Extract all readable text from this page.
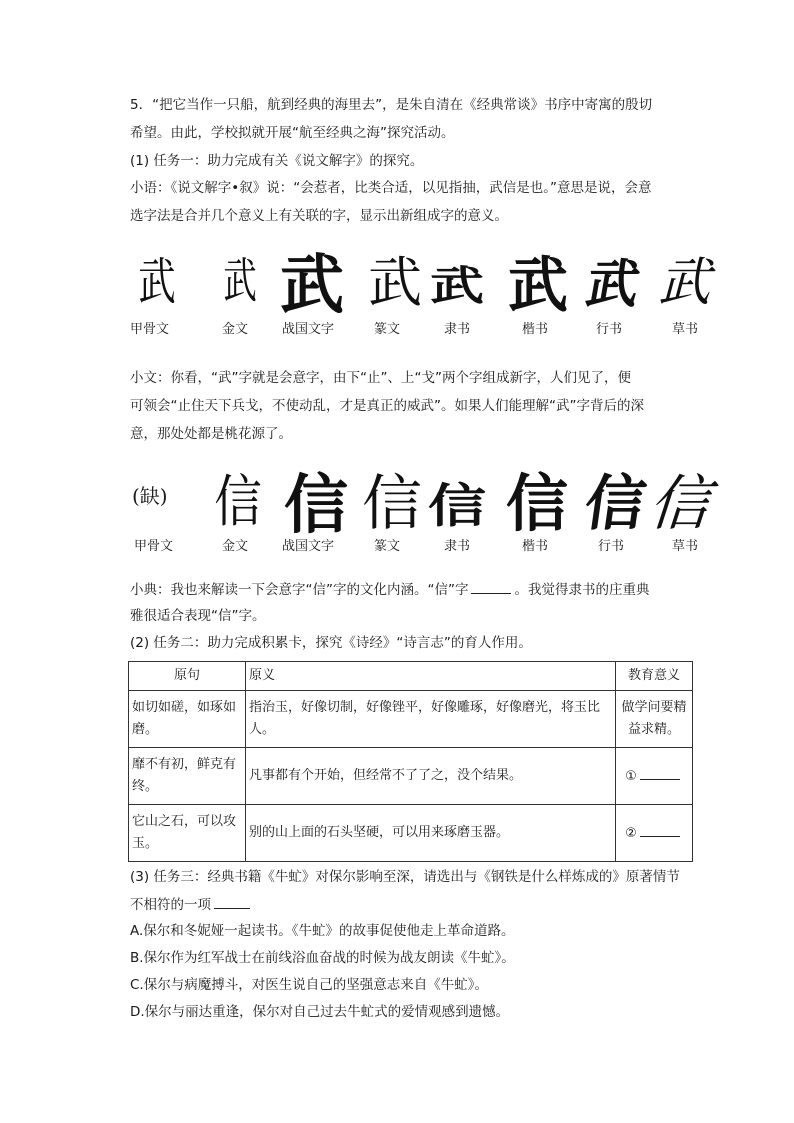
5．“把它当作一只船，航到经典的海里去”，是朱自清在《经典常谈》书序中寄寓的殷切
希望。由此，学校拟就开展“航至经典之海”探究活动。
(1) 任务一：助力完成有关《说文解字》的探究。
小语：《说文解字•叙》说：“会惹者，比类合适，以见指抽，武信是也。”意思是说，会意
选字法是合并几个意义上有关联的字，显示出新组成字的意义。
武 武 武 武 武 武 武 武
甲骨文	金文	战国文字	篆文	隶书	楷书	行书	草书
小文：你看，“武”字就是会意字，由下“止”、上“戈”两个字组成新字，人们见了，便
可领会“止住天下兵戈，不使动乱，才是真正的威武”。如果人们能理解“武”字背后的深
意，那处处都是桃花源了。
(缺) 信 信 信 信 信 信
信
甲骨文	金文	战国文字	篆文	隶书	楷书	行书	草书
小典：我也来解读一下会意字“信”字的文化内涵。“信”字	。我觉得隶书的庄重典
雅很适合表现“信”字。
(2) 任务二：助力完成积累卡，探究《诗经》“诗言志”的育人作用。
原句	原义	教育意义
如切如磋，如琢如磨。	指治玉，好像切制，好像锉平，好像雕琢，好像磨光，将玉比人。	做学问要精益求精。
靡不有初，鲜克有终。	凡事都有个开始，但经常不了了之，没个结果。	①
它山之石，可以攻玉。	别的山上面的石头坚硬，可以用来琢磨玉器。	②
(3) 任务三：经典书籍《牛虻》对保尔影响至深，请选出与《钢铁是什么样炼成的》原著情节
不相符的一项
A.保尔和冬妮娅一起读书。《牛虻》的故事促使他走上革命道路。
B.保尔作为红军战士在前线浴血奋战的时候为战友朗读《牛虻》。
C.保尔与病魔搏斗，对医生说自己的坚强意志来自《牛虻》。
D.保尔与丽达重逢，保尔对自己过去牛虻式的爱情观感到遗憾。
